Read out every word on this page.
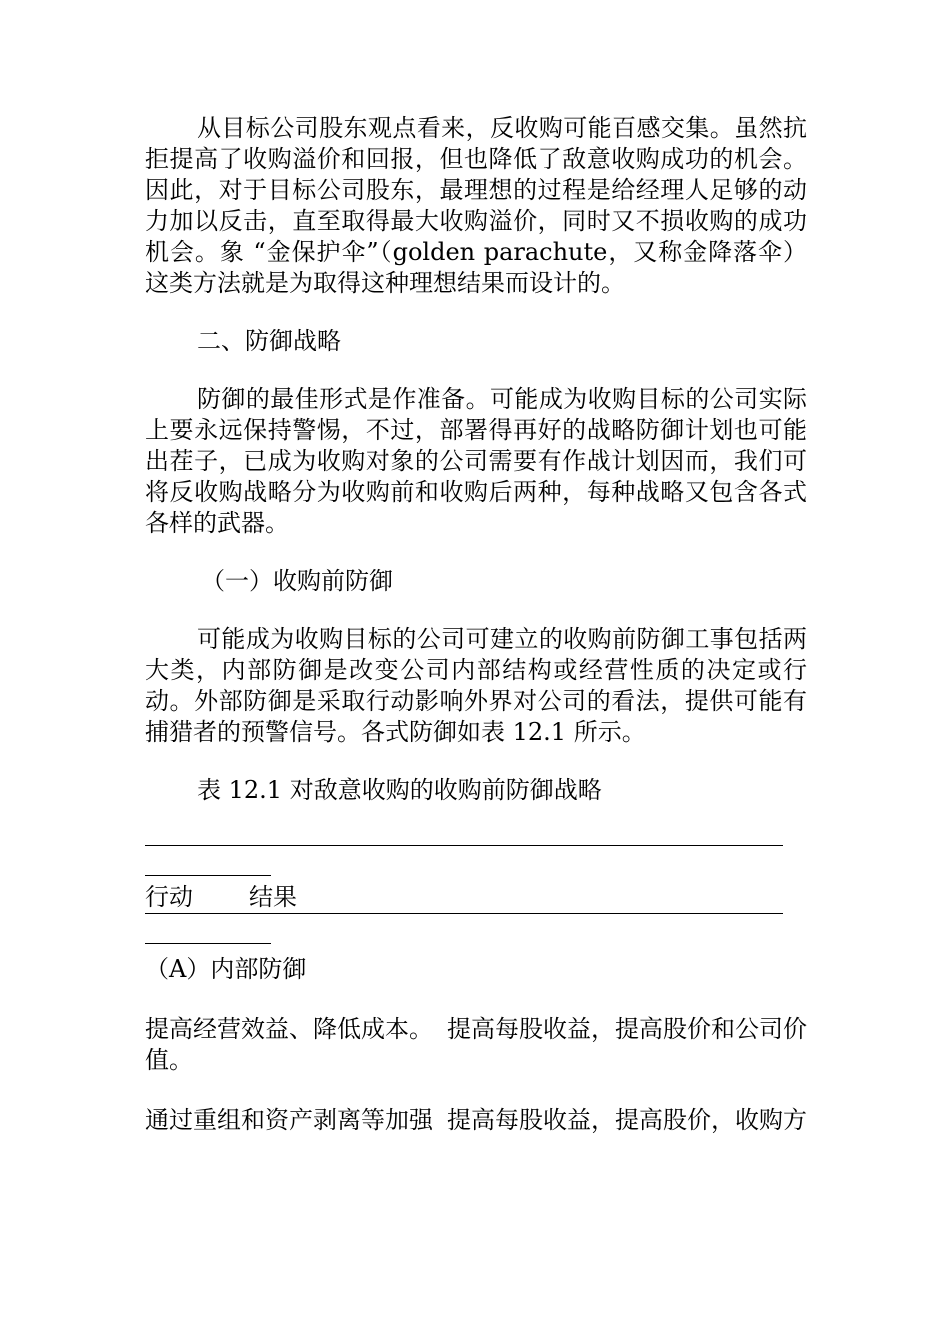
从目标公司股东观点看来，反收购可能百感交集。虽然抗拒提高了收购溢价和回报，但也降低了敌意收购成功的机会。因此，对于目标公司股东，最理想的过程是给经理人足够的动力加以反击，直至取得最大收购溢价，同时又不损收购的成功机会。象 “金保护伞”（golden parachute，又称金降落伞）这类方法就是为取得这种理想结果而设计的。

二、防御战略

防御的最佳形式是作准备。可能成为收购目标的公司实际上要永远保持警惕，不过，部署得再好的战略防御计划也可能出茬子，已成为收购对象的公司需要有作战计划因而，我们可将反收购战略分为收购前和收购后两种，每种战略又包含各式各样的武器。

（一）收购前防御

可能成为收购目标的公司可建立的收购前防御工事包括两大类，内部防御是改变公司内部结构或经营性质的决定或行动。外部防御是采取行动影响外界对公司的看法，提供可能有捕猎者的预警信号。各式防御如表 12.1 所示。

表 12.1 对敌意收购的收购前防御战略

行动 结果

（A）内部防御

提高经营效益、降低成本。 提高每股收益，提高股价和公司价值。

通过重组和资产剥离等加强 提高每股收益，提高股价，收购方
